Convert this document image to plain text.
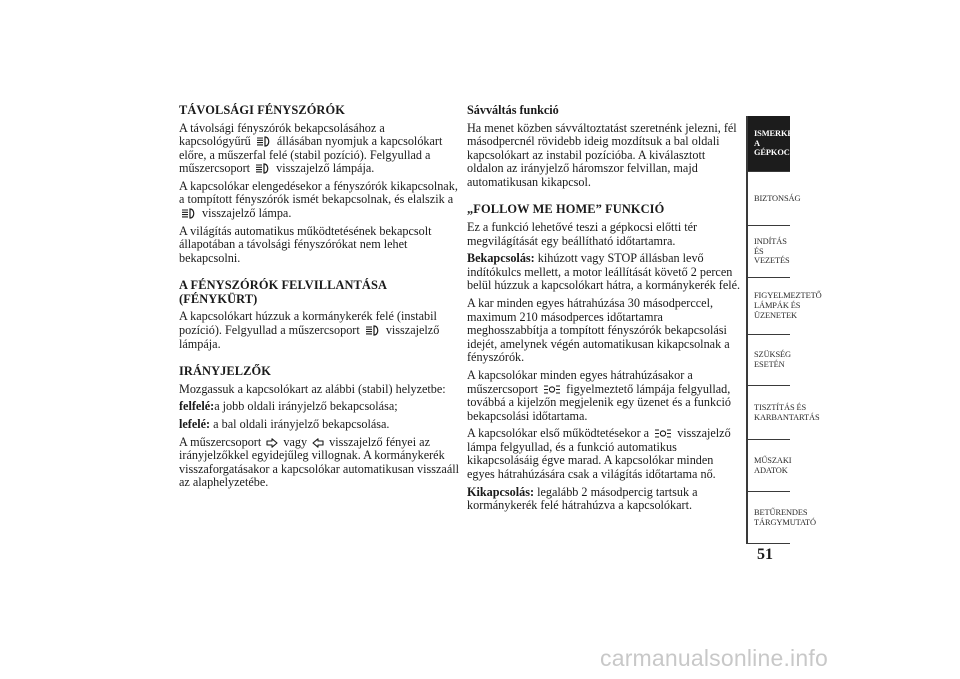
TÁVOLSÁGI FÉNYSZÓRÓK

A távolsági fényszórók bekapcsolásához a kapcsológyűrű állásában nyomjuk a kapcsolókart előre, a műszerfal felé (stabil pozíció). Felgyullad a műszercsoport visszajelző lámpája.

A kapcsolókar elengedésekor a fényszórók kikapcsolnak, a tompított fényszórók ismét bekapcsolnak, és elalszik a  visszajelző lámpa.

A világítás automatikus működtetésének bekapcsolt állapotában a távolsági fényszórókat nem lehet bekapcsolni.

A FÉNYSZÓRÓK FELVILLANTÁSA (FÉNYKÜRT)

A kapcsolókart húzzuk a kormánykerék felé (instabil pozíció). Felgyullad a műszercsoport visszajelző lámpája.

IRÁNYJELZŐK

Mozgassuk a kapcsolókart az alábbi (stabil) helyzetbe:

felfelé:a jobb oldali irányjelző bekapcsolása;

lefelé: a bal oldali irányjelző bekapcsolása.

A műszercsoport vagy visszajelző fényei az irányjelzőkkel egyidejűleg villognak. A kormánykerék visszaforgatásakor a kapcsolókar automatikusan visszaáll az alaphelyzetébe.

Sávváltás funkció

Ha menet közben sávváltoztatást szeretnénk jelezni, fél másodpercnél rövidebb ideig mozdítsuk a bal oldali kapcsolókart az instabil pozícióba. A kiválasztott oldalon az irányjelző háromszor felvillan, majd automatikusan kikapcsol.

„FOLLOW ME HOME” FUNKCIÓ

Ez a funkció lehetővé teszi a gépkocsi előtti tér megvilágítását egy beállítható időtartamra.

Bekapcsolás: kihúzott vagy STOP állásban levő indítókulcs mellett, a motor leállítását követő 2 percen belül húzzuk a kapcsolókart hátra, a kormánykerék felé.

A kar minden egyes hátrahúzása 30 másodperccel, maximum 210 másodperces időtartamra meghosszabbítja a tompított fényszórók bekapcsolási idejét, amelynek végén automatikusan kikapcsolnak a fényszórók.

A kapcsolókar minden egyes hátrahúzásakor a műszercsoport figyelmeztető lámpája felgyullad, továbbá a kijelzőn megjelenik egy üzenet és a funkció bekapcsolási időtartama.

A kapcsolókar első működtetésekor a visszajelző lámpa felgyullad, és a funkció automatikus kikapcsolásáig égve marad. A kapcsolókar minden egyes hátrahúzására csak a világítás időtartama nő.

Kikapcsolás: legalább 2 másodpercig tartsuk a kormánykerék felé hátrahúzva a kapcsolókart.

ISMERKEDÉS A GÉPKOCSIVAL
BIZTONSÁG
INDÍTÁS ÉS VEZETÉS
FIGYELMEZTETŐ LÁMPÁK ÉS ÜZENETEK
SZÜKSÉG ESETÉN
TISZTÍTÁS ÉS KARBANTARTÁS
MŰSZAKI ADATOK
BETŰRENDES TÁRGYMUTATÓ
51
carmanualsonline.info
